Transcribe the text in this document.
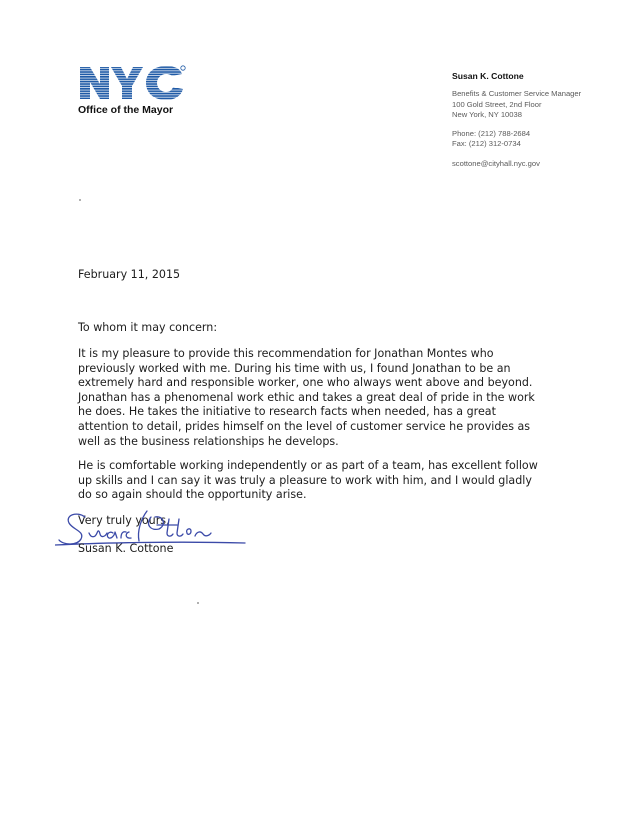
Office of the Mayor
Susan K. Cottone
Benefits & Customer Service Manager
100 Gold Street, 2nd Floor
New York, NY 10038
Phone: (212) 788-2684
Fax: (212) 312-0734
scottone@cityhall.nyc.gov
February 11, 2015
To whom it may concern:
It is my pleasure to provide this recommendation for Jonathan Montes who
previously worked with me. During his time with us, I found Jonathan to be an
extremely hard and responsible worker, one who always went above and beyond.
Jonathan has a phenomenal work ethic and takes a great deal of pride in the work
he does. He takes the initiative to research facts when needed, has a great
attention to detail, prides himself on the level of customer service he provides as
well as the business relationships he develops.
He is comfortable working independently or as part of a team, has excellent follow
up skills and I can say it was truly a pleasure to work with him, and I would gladly
do so again should the opportunity arise.
Very truly yours,
Susan K. Cottone
